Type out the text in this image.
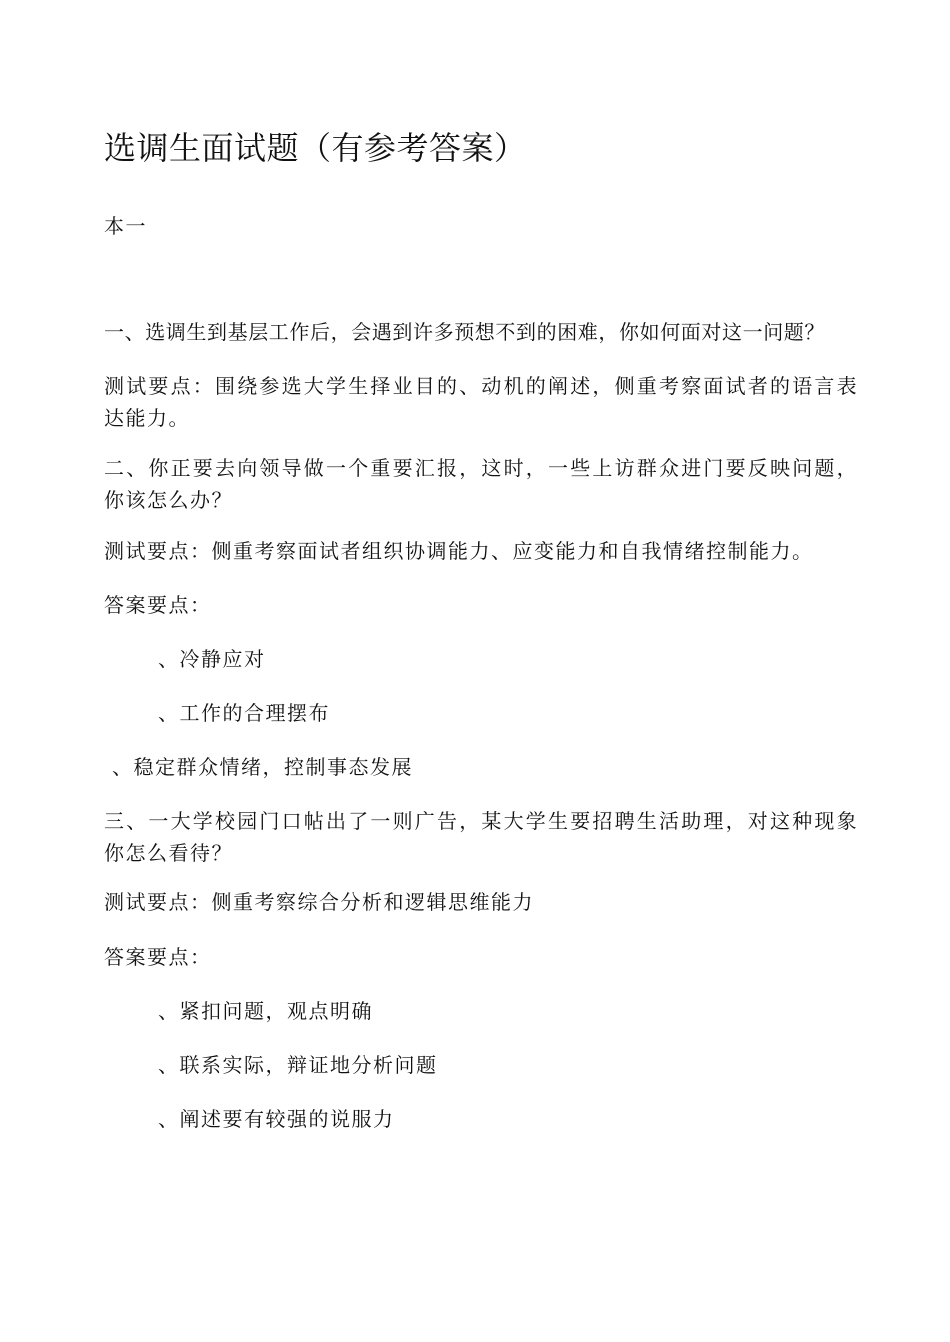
选调生面试题（有参考答案）

本一

一、选调生到基层工作后，会遇到许多预想不到的困难，你如何面对这一问题？

测试要点：围绕参选大学生择业目的、动机的阐述，侧重考察面试者的语言表

达能力。

二、你正要去向领导做一个重要汇报，这时，一些上访群众进门要反映问题，

你该怎么办？

测试要点：侧重考察面试者组织协调能力、应变能力和自我情绪控制能力。

答案要点：

、冷静应对

、工作的合理摆布

、稳定群众情绪，控制事态发展

三、一大学校园门口帖出了一则广告，某大学生要招聘生活助理，对这种现象

你怎么看待？

测试要点：侧重考察综合分析和逻辑思维能力

答案要点：

、紧扣问题，观点明确

、联系实际，辩证地分析问题

、阐述要有较强的说服力
